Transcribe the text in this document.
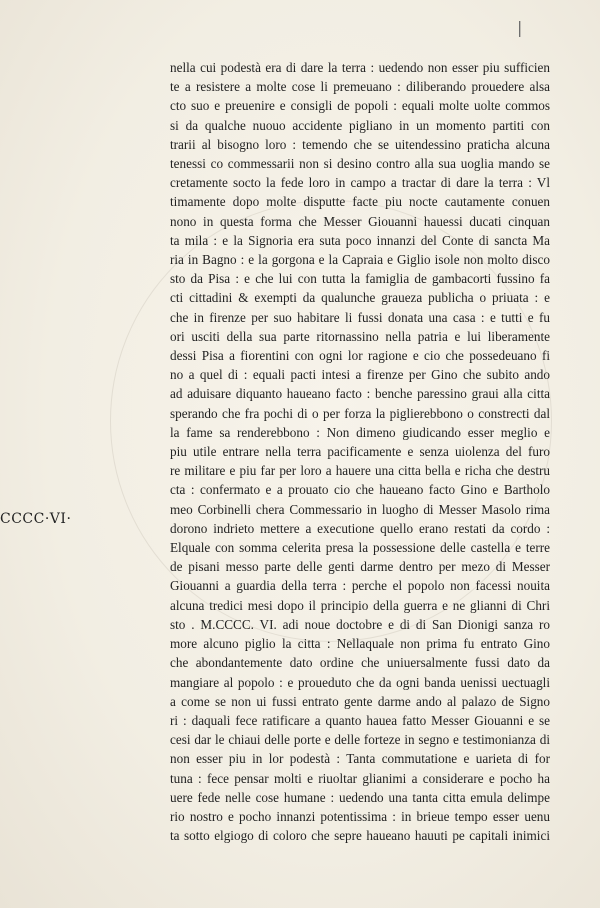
|
CCCC·VI·
nella cui podestà era di dare la terra : uedendo non esser piu sufficien
te a resistere a molte cose li premeuano : diliberando prouedere alsa
cto suo e preuenire e consigli de popoli : equali molte uolte commos
si da qualche nuouo accidente pigliano in un momento partiti con
trarii al bisogno loro : temendo che se uitendessino praticha alcuna
tenessi co commessarii non si desino contro alla sua uoglia mando se
cretamente socto la fede loro in campo a tractar di dare la terra : Vl
timamente dopo molte disputte facte piu nocte cautamente conuen
nono in questa forma che Messer Giouanni hauessi ducati cinquan
ta mila : e la Signoria era suta poco innanzi del Conte di sancta Ma
ria in Bagno : e la gorgona e la Capraia e Giglio isole non molto disco
sto da Pisa : e che lui con tutta la famiglia de gambacorti fussino fa
cti cittadini & exempti da qualunche graueza publicha o priuata : e
che in firenze per suo habitare li fussi donata una casa : e tutti e fu
ori usciti della sua parte ritornassino nella patria e lui liberamente
dessi Pisa a fiorentini con ogni lor ragione e cio che possedeuano fi
no a quel di : equali pacti intesi a firenze per Gino che subito ando
ad aduisare diquanto haueano facto : benche paressino graui alla citta
sperando che fra pochi di o per forza la piglierebbono o constrecti dal
la fame sa renderebbono : Non dimeno giudicando esser meglio e
piu utile entrare nella terra pacificamente e senza uiolenza del furo
re militare e piu far per loro a hauere una citta bella e richa che destru
cta : confermato e a prouato cio che haueano facto Gino e Bartholo
meo Corbinelli chera Commessario in luogho di Messer Masolo rima
dorono indrieto mettere a executione quello erano restati da cordo :
Elquale con somma celerita presa la possessione delle castella e terre
de pisani messo parte delle genti darme dentro per mezo di Messer
Giouanni a guardia della terra : perche el popolo non facessi nouita
alcuna tredici mesi dopo il principio della guerra e ne glianni di Chri
sto . M.CCCC. VI. adi noue doctobre e di di San Dionigi sanza ro
more alcuno piglio la citta : Nellaquale non prima fu entrato Gino
che abondantemente dato ordine che uniuersalmente fussi dato da
mangiare al popolo : e proueduto che da ogni banda uenissi uectuagli
a come se non ui fussi entrato gente darme ando al palazo de Signo
ri : daquali fece ratificare a quanto hauea fatto Messer Giouanni e se
cesi dar le chiaui delle porte e delle forteze in segno e testimonianza di
non esser piu in lor podestà : Tanta commutatione e uarieta di for
tuna : fece pensar molti e riuoltar glianimi a considerare e pocho ha
uere fede nelle cose humane : uedendo una tanta citta emula delimpe
rio nostro e pocho innanzi potentissima : in brieue tempo esser uenu
ta sotto elgiogo di coloro che sepre haueano hauuti pe capitali inimici
